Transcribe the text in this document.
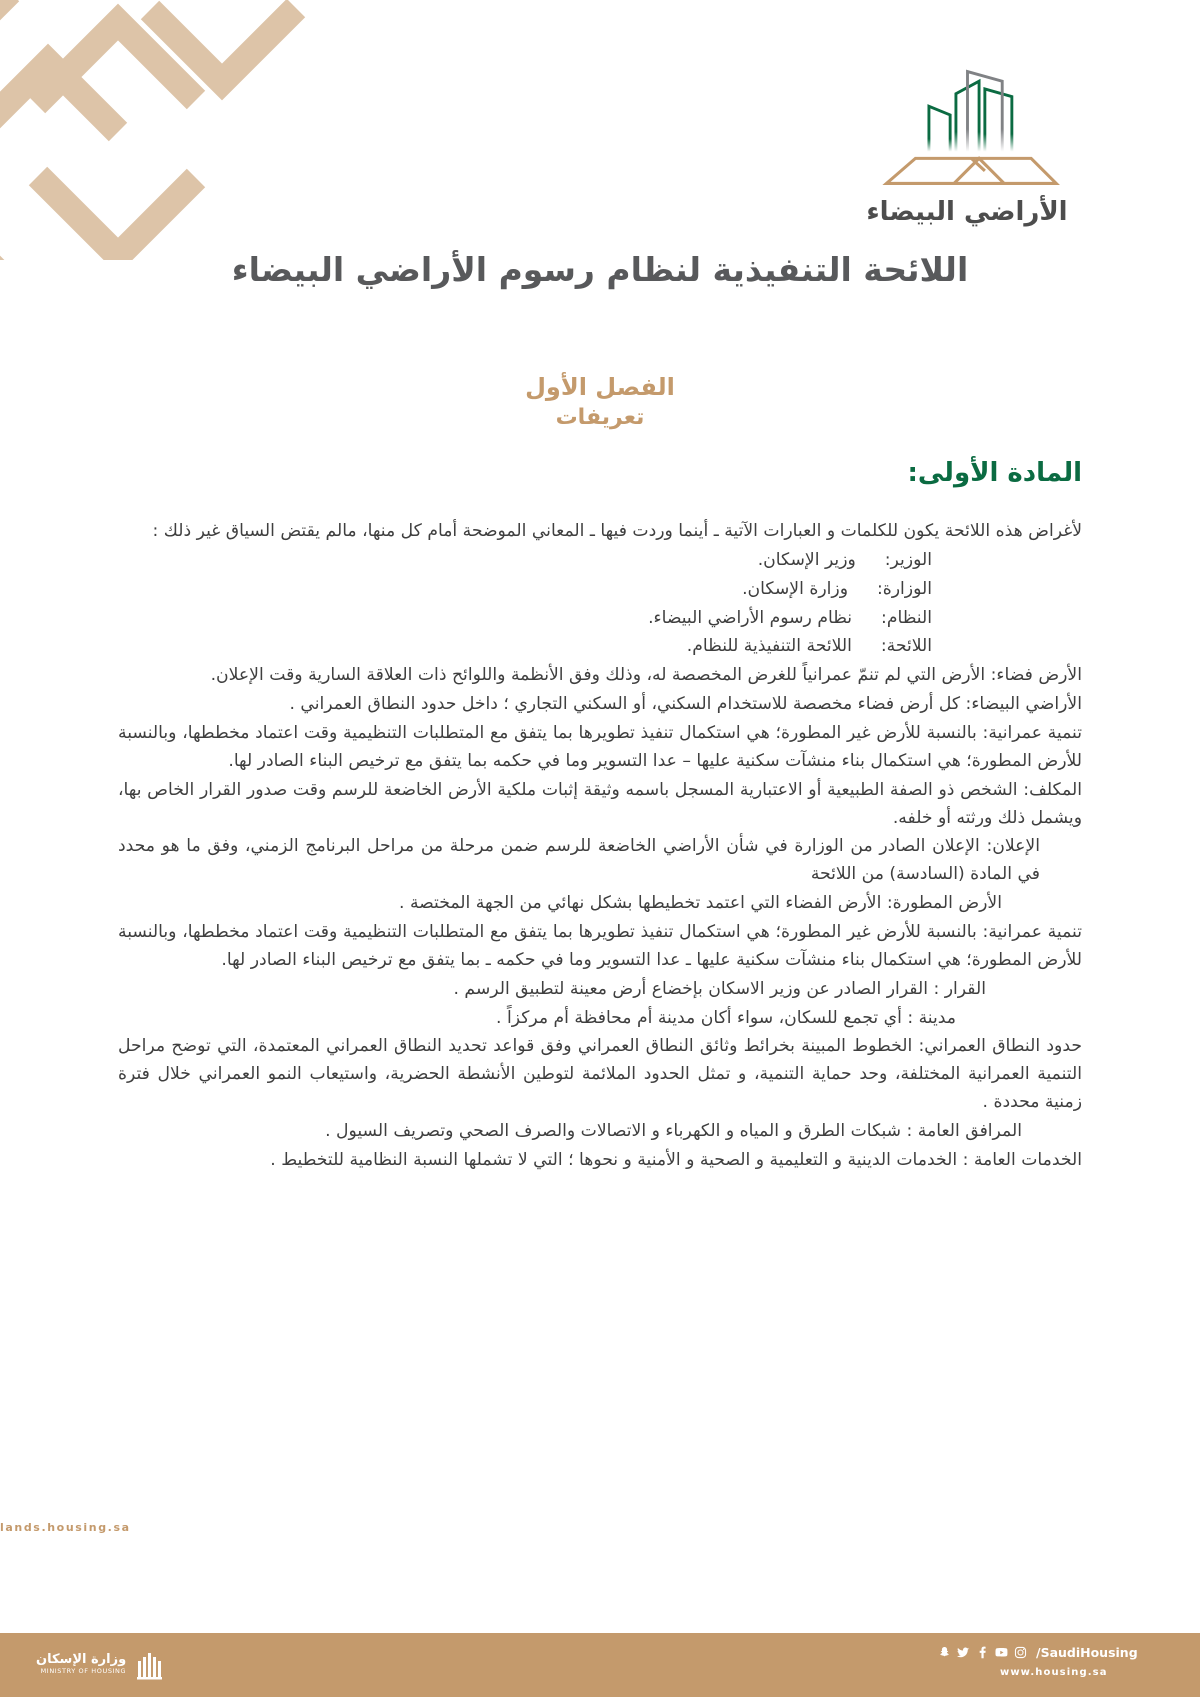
الأراضي البيضاء
اللائحة التنفيذية لنظام رسوم الأراضي البيضاء
الفصل الأول
تعريفات
المادة الأولى:

لأغراض هذه اللائحة يكون للكلمات و العبارات الآتية ـ أينما وردت فيها ـ المعاني الموضحة أمام كل منها، مالم يقتض السياق غير ذلك :

الوزير:  وزير الإسكان.

الوزارة:  وزارة الإسكان.

النظام:  نظام رسوم الأراضي البيضاء.

اللائحة:  اللائحة التنفيذية للنظام.

الأرض فضاء: الأرض التي لم تنمّ عمرانياً للغرض المخصصة له، وذلك وفق الأنظمة واللوائح ذات العلاقة السارية وقت الإعلان.

الأراضي البيضاء: كل أرض فضاء مخصصة للاستخدام السكني، أو السكني التجاري ؛ داخل حدود النطاق العمراني .

تنمية عمرانية: بالنسبة للأرض غير المطورة؛ هي استكمال تنفيذ تطويرها بما يتفق مع المتطلبات التنظيمية وقت اعتماد مخططها، وبالنسبة للأرض المطورة؛ هي استكمال بناء منشآت سكنية عليها – عدا التسوير وما في حكمه بما يتفق مع ترخيص البناء الصادر لها.

المكلف: الشخص ذو الصفة الطبيعية أو الاعتبارية المسجل باسمه وثيقة إثبات ملكية الأرض الخاضعة للرسم وقت صدور القرار الخاص بها، ويشمل ذلك ورثته أو خلفه.

الإعلان: الإعلان الصادر من الوزارة في شأن الأراضي الخاضعة للرسم ضمن مرحلة من مراحل البرنامج الزمني، وفق ما هو محدد في المادة (السادسة) من اللائحة

الأرض المطورة: الأرض الفضاء التي اعتمد تخطيطها بشكل نهائي من الجهة المختصة .

تنمية عمرانية: بالنسبة للأرض غير المطورة؛ هي استكمال تنفيذ تطويرها بما يتفق مع المتطلبات التنظيمية وقت اعتماد مخططها، وبالنسبة للأرض المطورة؛ هي استكمال بناء منشآت سكنية عليها ـ عدا التسوير وما في حكمه ـ بما يتفق مع ترخيص البناء الصادر لها.

القرار : القرار الصادر عن وزير الاسكان بإخضاع أرض معينة لتطبيق الرسم .

مدينة : أي تجمع للسكان، سواء أكان مدينة أم محافظة أم مركزاً .

حدود النطاق العمراني: الخطوط المبينة بخرائط وثائق النطاق العمراني وفق قواعد تحديد النطاق العمراني المعتمدة، التي توضح مراحل التنمية العمرانية المختلفة، وحد حماية التنمية، و تمثل الحدود الملائمة لتوطين الأنشطة الحضرية، واستيعاب النمو العمراني خلال فترة زمنية محددة .

المرافق العامة : شبكات الطرق و المياه و الكهرباء و الاتصالات والصرف الصحي وتصريف السيول .

الخدمات العامة : الخدمات الدينية و التعليمية و الصحية و الأمنية و نحوها ؛ التي لا تشملها النسبة النظامية للتخطيط .

lands.housing.sa
وزارة الإسكان
MINISTRY OF HOUSING
/SaudiHousing
www.housing.sa
